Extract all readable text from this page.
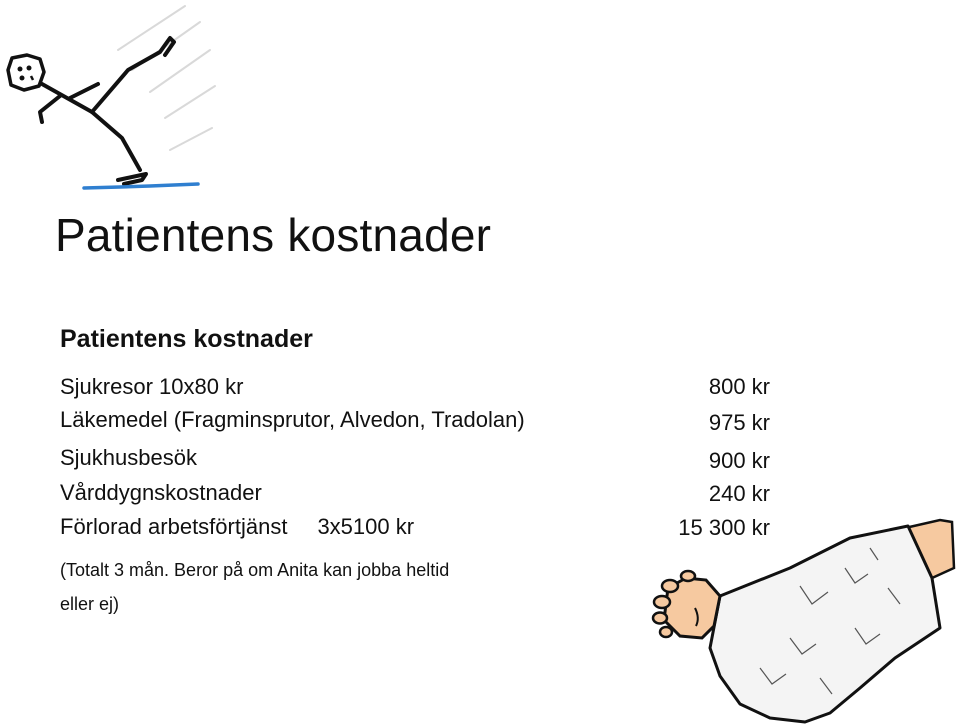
Patientens kostnader
Patientens kostnader
Sjukresor 10x80 kr	800 kr
Läkemedel (Fragminsprutor, Alvedon, Tradolan)	975 kr
Sjukhusbesök	900 kr
Vårddygnskostnader	240 kr
Förlorad arbetsförtjänst 3x5100 kr	15 300 kr
(Totalt 3 mån. Beror på om Anita kan jobba heltid
eller ej)
